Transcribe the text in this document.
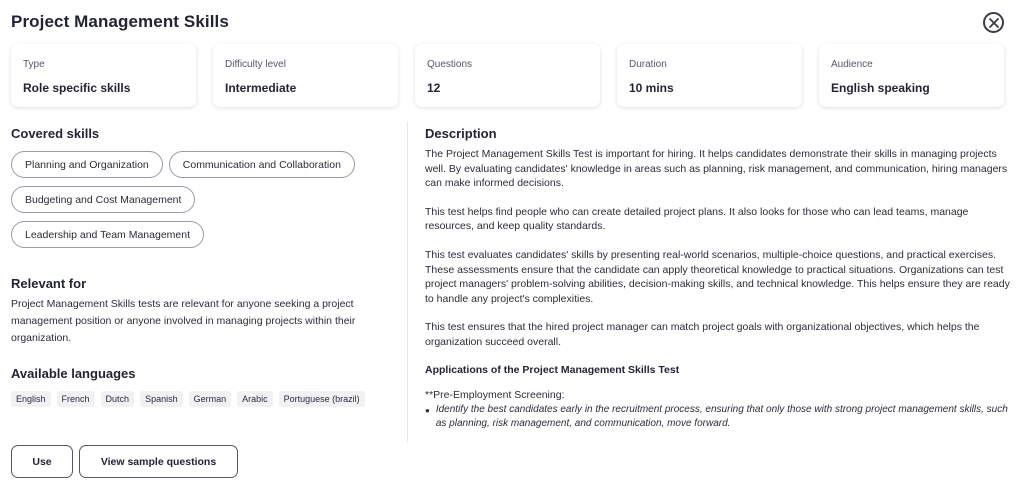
Project Management Skills
Type
Role specific skills
Difficulty level
Intermediate
Questions
12
Duration
10 mins
Audience
English speaking
Covered skills
Planning and Organization	Communication and Collaboration
Budgeting and Cost Management
Leadership and Team Management
Relevant for
Project Management Skills tests are relevant for anyone seeking a project management position or anyone involved in managing projects within their organization.
Available languages
English	French	Dutch	Spanish	German	Arabic	Portuguese (brazil)
Description

The Project Management Skills Test is important for hiring. It helps candidates demonstrate their skills in managing projects well. By evaluating candidates' knowledge in areas such as planning, risk management, and communication, hiring managers can make informed decisions.

This test helps find people who can create detailed project plans. It also looks for those who can lead teams, manage resources, and keep quality standards.

This test evaluates candidates' skills by presenting real-world scenarios, multiple-choice questions, and practical exercises. These assessments ensure that the candidate can apply theoretical knowledge to practical situations. Organizations can test project managers' problem-solving abilities, decision-making skills, and technical knowledge. This helps ensure they are ready to handle any project's complexities.

This test ensures that the hired project manager can match project goals with organizational objectives, which helps the organization succeed overall.

Applications of the Project Management Skills Test
**Pre-Employment Screening:
● Identify the best candidates early in the recruitment process, ensuring that only those with strong project management skills, such as planning, risk management, and communication, move forward.
Use	View sample questions
